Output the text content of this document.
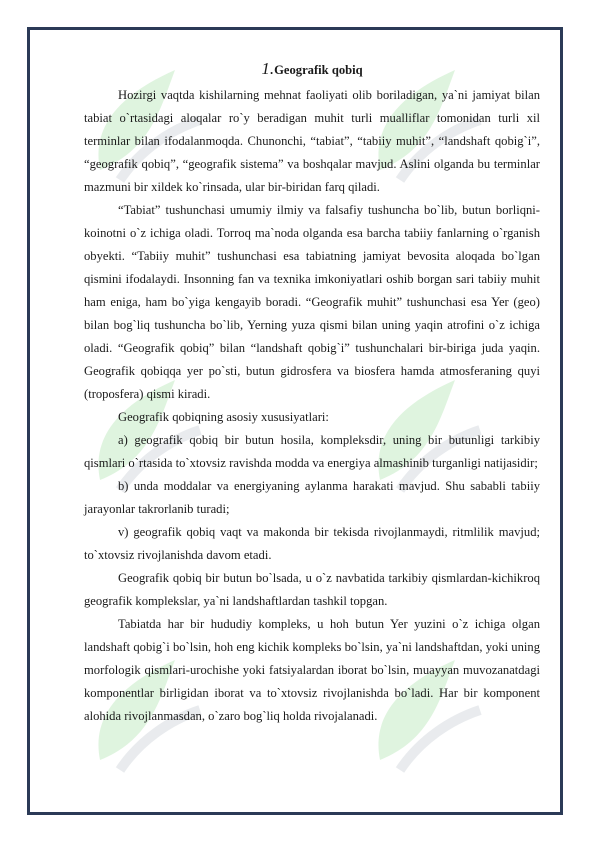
1.Geografik qobiq

Hozirgi vaqtda kishilarning mehnat faoliyati olib boriladigan, ya`ni jamiyat bilan tabiat o`rtasidagi aloqalar ro`y beradigan muhit turli mualliflar tomonidan turli xil terminlar bilan ifodalanmoqda. Chunonchi, “tabiat”, “tabiiy muhit”, “landshaft qobig`i”, “geografik qobiq”, “geografik sistema” va boshqalar mavjud. Aslini olganda bu terminlar mazmuni bir xildek ko`rinsada, ular bir-biridan farq qiladi.

“Tabiat” tushunchasi umumiy ilmiy va falsafiy tushuncha bo`lib, butun borliqni-koinotni o`z ichiga oladi. Torroq ma`noda olganda esa barcha tabiiy fanlarning o`rganish obyekti. “Tabiiy muhit” tushunchasi esa tabiatning jamiyat bevosita aloqada bo`lgan qismini ifodalaydi. Insonning fan va texnika imkoniyatlari oshib borgan sari tabiiy muhit ham eniga, ham bo`yiga kengayib boradi. “Geografik muhit” tushunchasi esa Yer (geo) bilan bog`liq tushuncha bo`lib, Yerning yuza qismi bilan uning yaqin atrofini o`z ichiga oladi. “Geografik qobiq” bilan “landshaft qobig`i” tushunchalari bir-biriga juda yaqin. Geografik qobiqqa yer po`sti, butun gidrosfera va biosfera hamda atmosferaning quyi (troposfera) qismi kiradi.

Geografik qobiqning asosiy xususiyatlari:

a) geografik qobiq bir butun hosila, kompleksdir, uning bir butunligi tarkibiy qismlari o`rtasida to`xtovsiz ravishda modda va energiya almashinib turganligi natijasidir;

b) unda moddalar va energiyaning aylanma harakati mavjud. Shu sababli tabiiy jarayonlar takrorlanib turadi;

v) geografik qobiq vaqt va makonda bir tekisda rivojlanmaydi, ritmlilik mavjud; to`xtovsiz rivojlanishda davom etadi.

Geografik qobiq bir butun bo`lsada, u o`z navbatida tarkibiy qismlardan-kichikroq geografik komplekslar, ya`ni landshaftlardan tashkil topgan.

Tabiatda har bir hududiy kompleks, u hoh butun Yer yuzini o`z ichiga olgan landshaft qobig`i bo`lsin, hoh eng kichik kompleks bo`lsin, ya`ni landshaftdan, yoki uning morfologik qismlari-urochishe yoki fatsiyalardan iborat bo`lsin, muayyan muvozanatdagi komponentlar birligidan iborat va to`xtovsiz rivojlanishda bo`ladi. Har bir komponent alohida rivojlanmasdan, o`zaro bog`liq holda rivojalanadi.
